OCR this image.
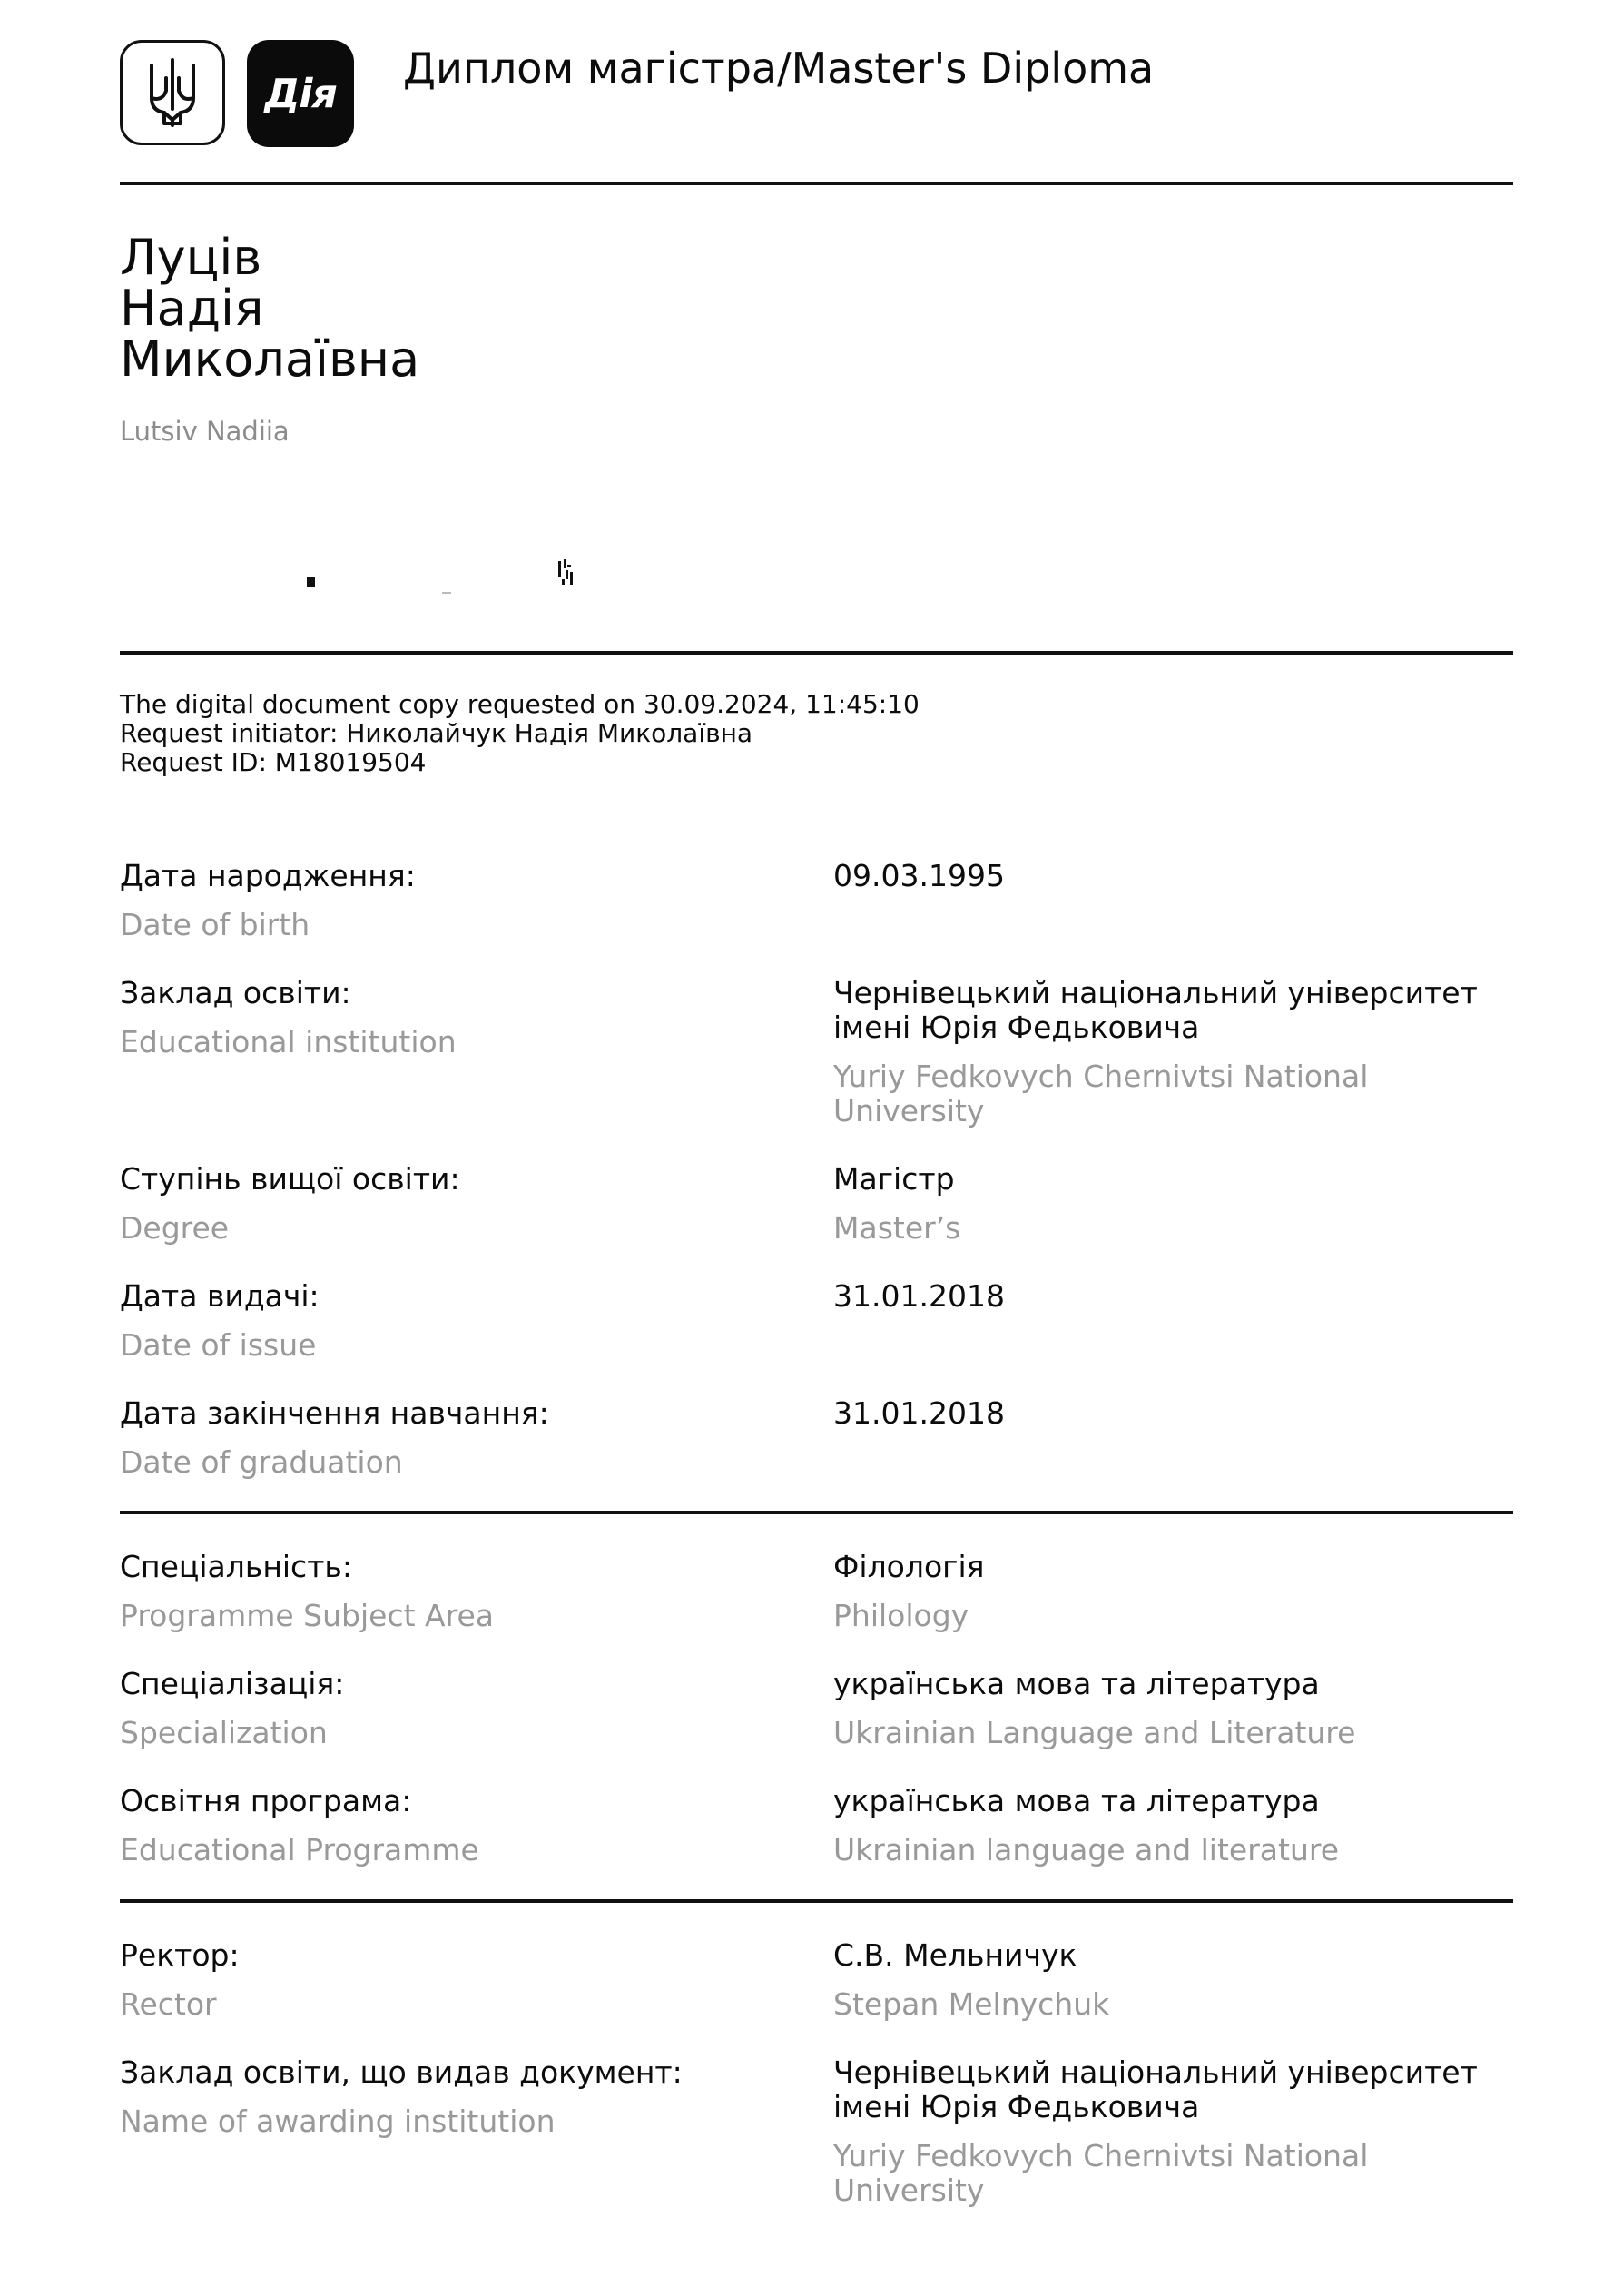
Дія
Диплом магістра/Master's Diploma
Луців
Надія
Миколаївна
Lutsiv Nadiia
The digital document copy requested on 30.09.2024, 11:45:10
Request initiator: Николайчук Надія Миколаївна
Request ID: M18019504
Дата народження:
Date of birth
09.03.1995
Заклад освіти:
Educational institution
Чернівецький національний університет імені Юрія Федьковича
Yuriy Fedkovych Chernivtsi National University
Ступінь вищої освіти:
Degree
Магістр
Master’s
Дата видачі:
Date of issue
31.01.2018
Дата закінчення навчання:
Date of graduation
31.01.2018
Спеціальність:
Programme Subject Area
Філологія
Philology
Спеціалізація:
Specialization
українська мова та література
Ukrainian Language and Literature
Освітня програма:
Educational Programme
українська мова та література
Ukrainian language and literature
Ректор:
Rector
С.В. Мельничук
Stepan Melnychuk
Заклад освіти, що видав документ:
Name of awarding institution
Чернівецький національний університет імені Юрія Федьковича
Yuriy Fedkovych Chernivtsi National University
